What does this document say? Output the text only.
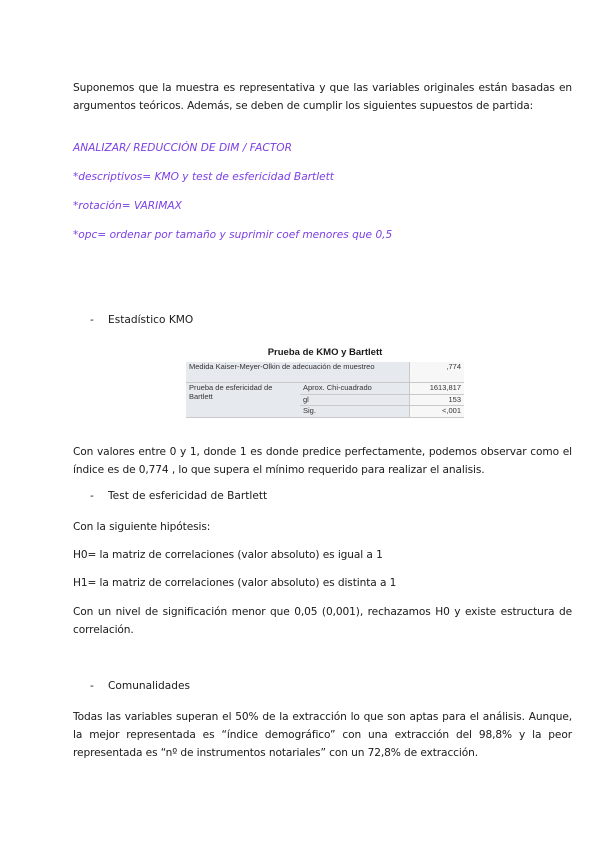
Suponemos que la muestra es representativa y que las variables originales están basadas en argumentos teóricos. Además, se deben de cumplir los siguientes supuestos de partida:

ANALIZAR/ REDUCCIÓN DE DIM / FACTOR

*descriptivos= KMO y test de esfericidad Bartlett

*rotación= VARIMAX

*opc= ordenar por tamaño y suprimir coef menores que 0,5

- Estadístico KMO

Prueba de KMO y Bartlett

Medida Kaiser-Meyer-Olkin de adecuación de muestreo		,774
Prueba de esfericidad de Bartlett	Aprox. Chi-cuadrado	1613,817
	gl	153
	Sig.	<,001

Con valores entre 0 y 1, donde 1 es donde predice perfectamente, podemos observar como el índice es de 0,774 , lo que supera el mínimo requerido para realizar el analisis.

- Test de esfericidad de Bartlett

Con la siguiente hipótesis:

H0= la matriz de correlaciones (valor absoluto) es igual a 1

H1= la matriz de correlaciones (valor absoluto) es distinta a 1

Con un nivel de significación menor que 0,05 (0,001), rechazamos H0 y existe estructura de correlación.

- Comunalidades

Todas las variables superan el 50% de la extracción lo que son aptas para el análisis. Aunque, la mejor representada es “índice demográfico” con una extracción del 98,8% y la peor representada es “nº de instrumentos notariales” con un 72,8% de extracción.
